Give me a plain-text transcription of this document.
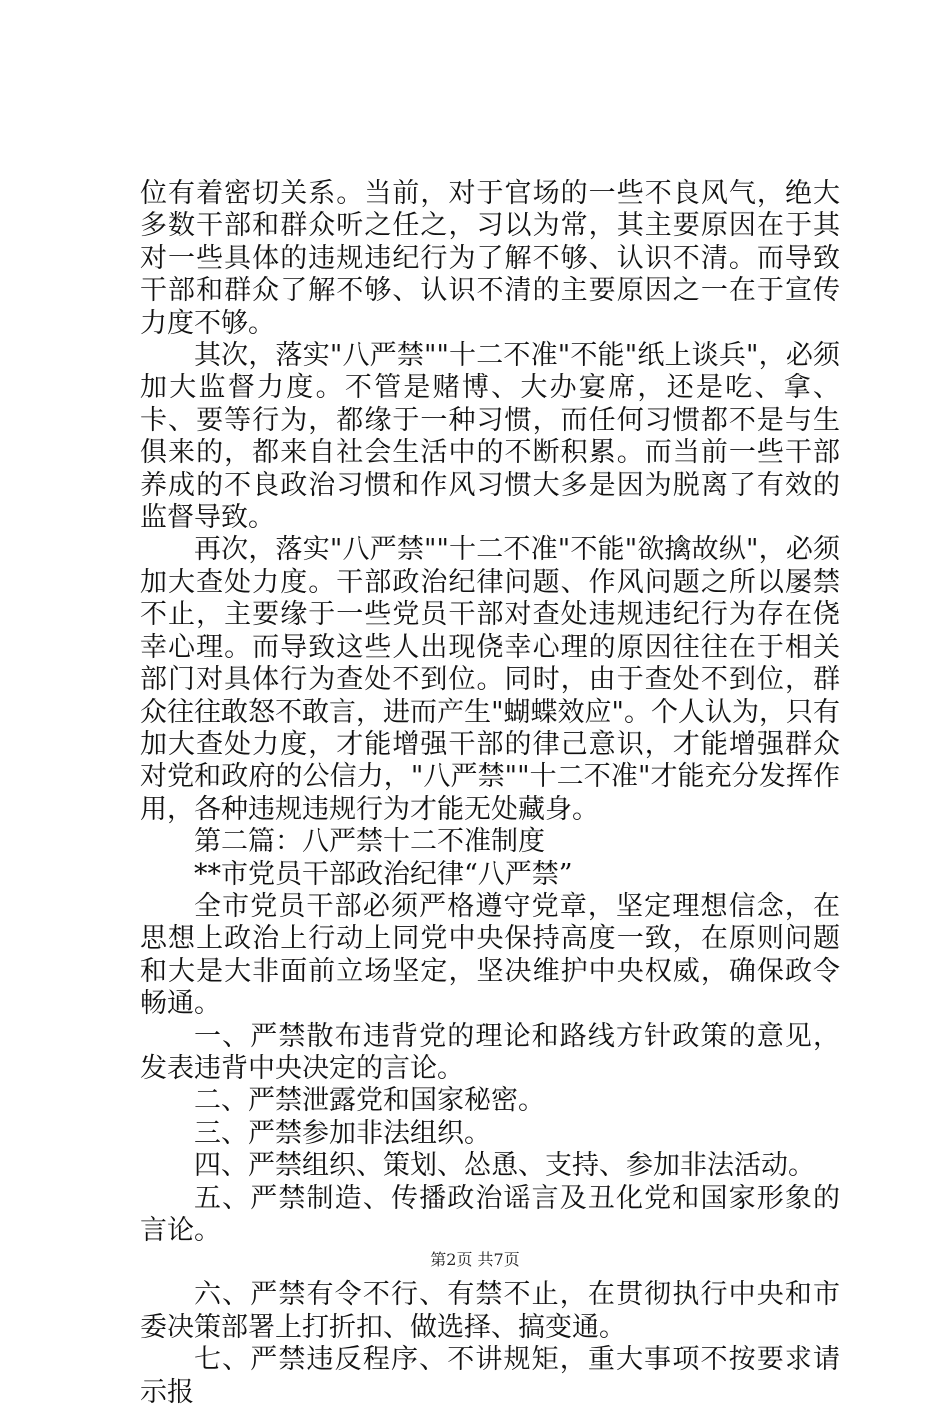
位有着密切关系。当前，对于官场的一些不良风气，绝大多数干部和群众听之任之，习以为常，其主要原因在于其对一些具体的违规违纪行为了解不够、认识不清。而导致干部和群众了解不够、认识不清的主要原因之一在于宣传力度不够。

其次，落实"八严禁""十二不准"不能"纸上谈兵"，必须加大监督力度。不管是赌博、大办宴席，还是吃、拿、卡、要等行为，都缘于一种习惯，而任何习惯都不是与生俱来的，都来自社会生活中的不断积累。而当前一些干部养成的不良政治习惯和作风习惯大多是因为脱离了有效的监督导致。

再次，落实"八严禁""十二不准"不能"欲擒故纵"，必须加大查处力度。干部政治纪律问题、作风问题之所以屡禁不止，主要缘于一些党员干部对查处违规违纪行为存在侥幸心理。而导致这些人出现侥幸心理的原因往往在于相关部门对具体行为查处不到位。同时，由于查处不到位，群众往往敢怒不敢言，进而产生"蝴蝶效应"。个人认为，只有加大查处力度，才能增强干部的律己意识，才能增强群众对党和政府的公信力，"八严禁""十二不准"才能充分发挥作用，各种违规违规行为才能无处藏身。

第二篇：八严禁十二不准制度

**市党员干部政治纪律“八严禁”

全市党员干部必须严格遵守党章，坚定理想信念，在思想上政治上行动上同党中央保持高度一致，在原则问题和大是大非面前立场坚定，坚决维护中央权威，确保政令畅通。

一、严禁散布违背党的理论和路线方针政策的意见，发表违背中央决定的言论。

二、严禁泄露党和国家秘密。

三、严禁参加非法组织。

四、严禁组织、策划、怂恿、支持、参加非法活动。

五、严禁制造、传播政治谣言及丑化党和国家形象的言论。

六、严禁有令不行、有禁不止，在贯彻执行中央和市委决策部署上打折扣、做选择、搞变通。

七、严禁违反程序、不讲规矩，重大事项不按要求请示报

第2页 共7页
